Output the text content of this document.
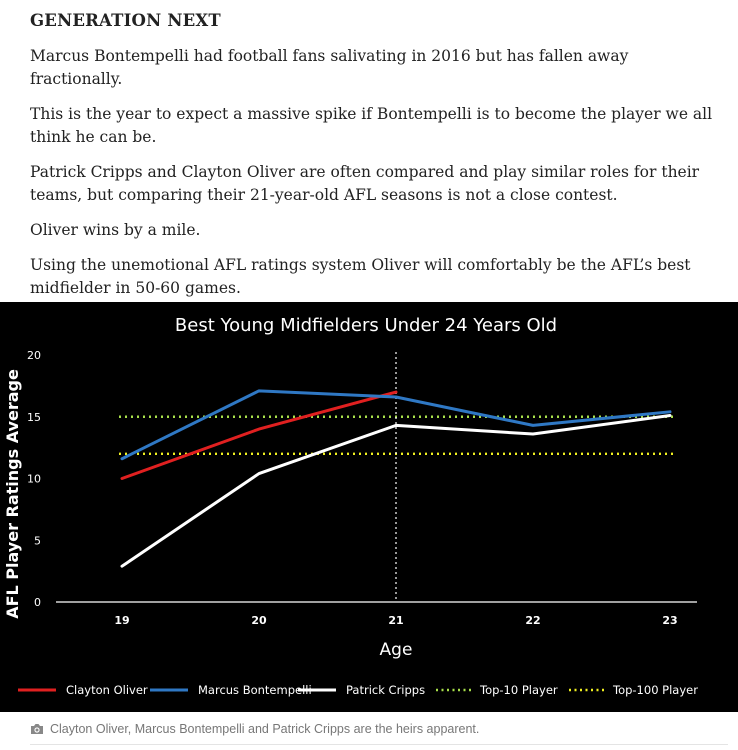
GENERATION NEXT

Marcus Bontempelli had football fans salivating in 2016 but has fallen away fractionally.

This is the year to expect a massive spike if Bontempelli is to become the player we all think he can be.

Patrick Cripps and Clayton Oliver are often compared and play similar roles for their teams, but comparing their 21-year-old AFL seasons is not a close contest.

Oliver wins by a mile.

Using the unemotional AFL ratings system Oliver will comfortably be the AFL’s best midfielder in 50-60 games.

Best Young Midfielders Under 24 Years Old
AFL Player Ratings Average
Age
0
5
10
15
20
19	20	21	22	23
Clayton Oliver	Marcus Bontempelli	Patrick Cripps	Top-10 Player	Top-100 Player
Clayton Oliver, Marcus Bontempelli and Patrick Cripps are the heirs apparent.
